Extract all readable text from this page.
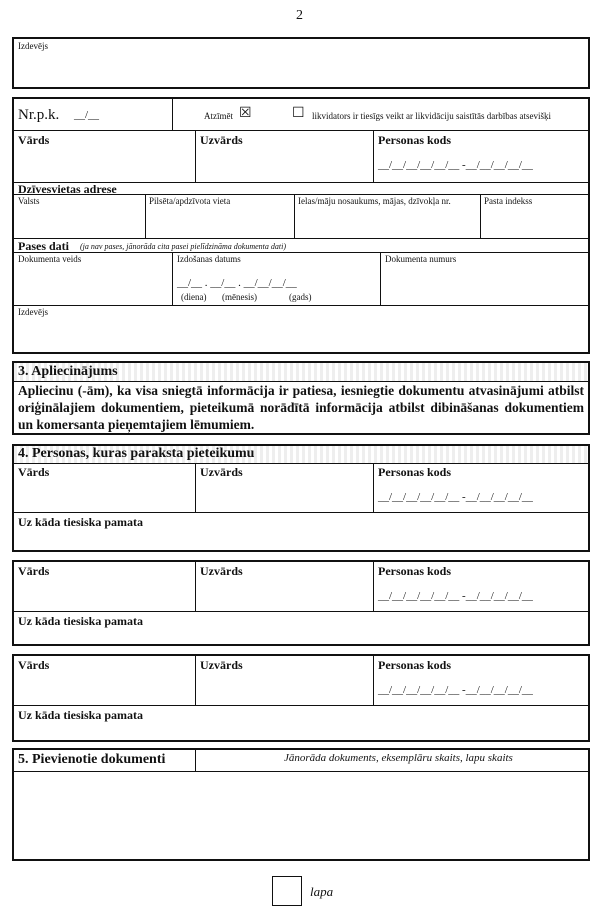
2
Izdevējs
Nr.p.k. __/__	Atzīmēt ☒	☐ likvidators ir tiesīgs veikt ar likvidāciju saistītās darbības atsevišķi
Vārds	Uzvārds	Personas kods
__/__/__/__/__/__ -__/__/__/__/__
Dzīvesvietas adrese
Valsts	Pilsēta/apdzīvota vieta	Ielas/māju nosaukums, mājas, dzīvokļa nr.	Pasta indekss
Pases dati (ja nav pases, jānorāda cita pasei pielīdzināma dokumenta dati)
Dokumenta veids	Izdošanas datums
__/__ . __/__ . __/__/__/__
(diena) (mēnesis)	(gads)
Dokumenta numurs
Izdevējs
3. Apliecinājums
Apliecinu (-ām), ka visa sniegtā informācija ir patiesa, iesniegtie dokumentu atvasinājumi atbilst oriģinālajiem dokumentiem, pieteikumā norādītā informācija atbilst dibināšanas dokumentiem un komersanta pieņemtajiem lēmumiem.
4. Personas, kuras paraksta pieteikumu
Vārds	Uzvārds	Personas kods
__/__/__/__/__/__ -__/__/__/__/__
Uz kāda tiesiska pamata
Vārds	Uzvārds	Personas kods
__/__/__/__/__/__ -__/__/__/__/__
Uz kāda tiesiska pamata
Vārds	Uzvārds	Personas kods
__/__/__/__/__/__ -__/__/__/__/__
Uz kāda tiesiska pamata
5. Pievienotie dokumenti	Jānorāda dokuments, eksemplāru skaits, lapu skaits
lapa
